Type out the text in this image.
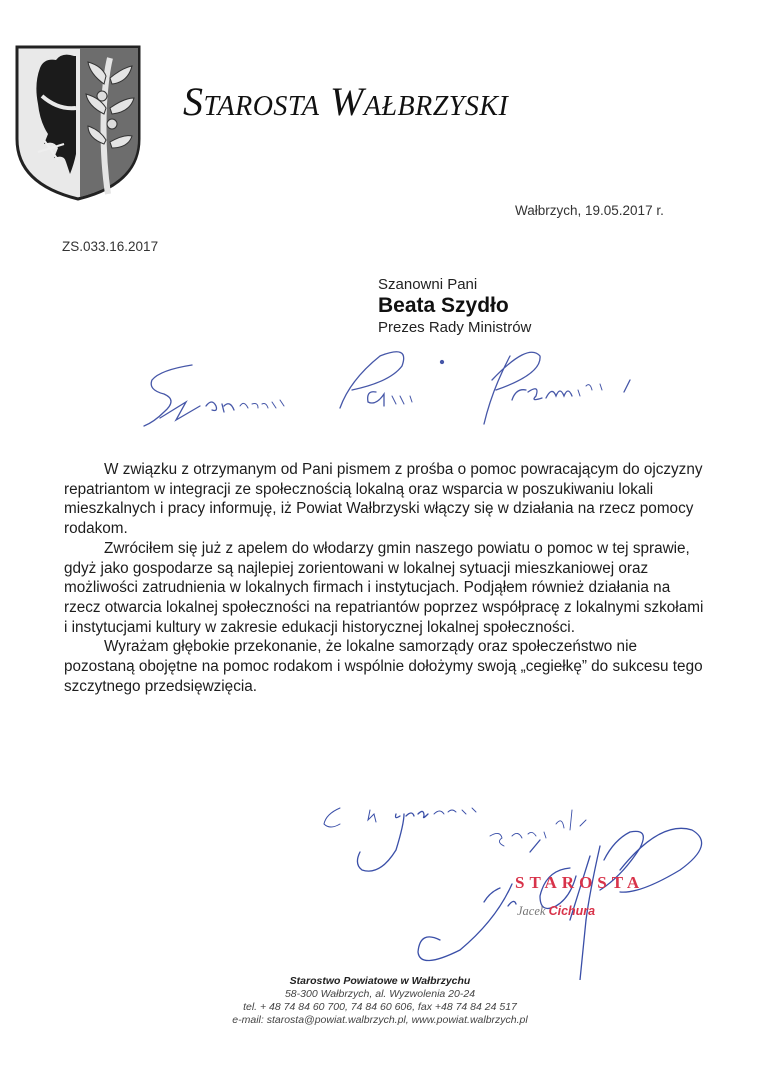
Starosta Wałbrzyski
Wałbrzych, 19.05.2017 r.
ZS.033.16.2017
Szanowni Pani
Beata Szydło
Prezes Rady Ministrów

W związku z otrzymanym od Pani pismem z prośba o pomoc powracającym do ojczyzny repatriantom w integracji ze społecznością lokalną oraz wsparcia w poszukiwaniu lokali mieszkalnych i pracy informuję, iż Powiat Wałbrzyski włączy się w działania na rzecz pomocy rodakom.

Zwróciłem się już z apelem do włodarzy gmin naszego powiatu o pomoc w tej sprawie, gdyż jako gospodarze są najlepiej zorientowani w lokalnej sytuacji mieszkaniowej oraz możliwości zatrudnienia w lokalnych firmach i instytucjach. Podjąłem również działania na rzecz otwarcia lokalnej społeczności na repatriantów poprzez współpracę z lokalnymi szkołami i instytucjami kultury w zakresie edukacji historycznej lokalnej społeczności.

Wyrażam głębokie przekonanie, że lokalne samorządy oraz społeczeństwo nie pozostaną obojętne na pomoc rodakom i wspólnie dołożymy swoją „cegiełkę” do sukcesu tego szczytnego przedsięwzięcia.

STAROSTA
Jacek Cichura
Starostwo Powiatowe w Wałbrzychu
58-300 Wałbrzych, al. Wyzwolenia 20-24
tel. + 48 74 84 60 700, 74 84 60 606, fax +48 74 84 24 517
e-mail: starosta@powiat.walbrzych.pl, www.powiat.walbrzych.pl
